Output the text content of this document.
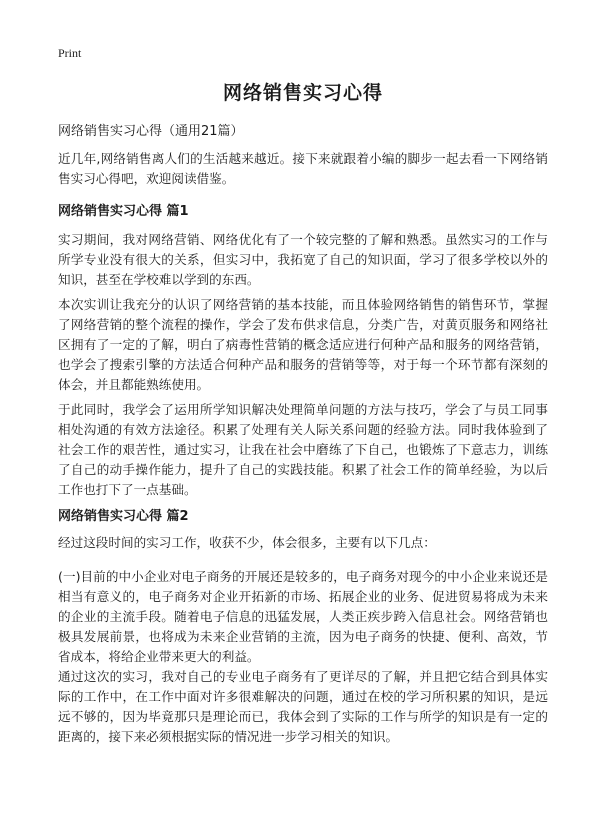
Print
网络销售实习心得

网络销售实习心得（通用21篇）

近几年,网络销售离人们的生活越来越近。接下来就跟着小编的脚步一起去看一下网络销售实习心得吧，欢迎阅读借鉴。

网络销售实习心得 篇1

实习期间，我对网络营销、网络优化有了一个较完整的了解和熟悉。虽然实习的工作与所学专业没有很大的关系，但实习中，我拓宽了自己的知识面，学习了很多学校以外的知识，甚至在学校难以学到的东西。

本次实训让我充分的认识了网络营销的基本技能，而且体验网络销售的销售环节，掌握了网络营销的整个流程的操作，学会了发布供求信息，分类广告，对黄页服务和网络社区拥有了一定的了解，明白了病毒性营销的概念适应进行何种产品和服务的网络营销，也学会了搜索引擎的方法适合何种产品和服务的营销等等，对于每一个环节都有深刻的体会，并且都能熟练使用。

于此同时，我学会了运用所学知识解决处理简单问题的方法与技巧，学会了与员工同事相处沟通的有效方法途径。积累了处理有关人际关系问题的经验方法。同时我体验到了社会工作的艰苦性，通过实习，让我在社会中磨练了下自己，也锻炼了下意志力，训练了自己的动手操作能力，提升了自己的实践技能。积累了社会工作的简单经验，为以后工作也打下了一点基础。

网络销售实习心得 篇2

经过这段时间的实习工作，收获不少，体会很多，主要有以下几点：

(一)目前的中小企业对电子商务的开展还是较多的，电子商务对现今的中小企业来说还是相当有意义的，电子商务对企业开拓新的市场、拓展企业的业务、促进贸易将成为未来的企业的主流手段。随着电子信息的迅猛发展，人类正疾步跨入信息社会。网络营销也极具发展前景，也将成为未来企业营销的主流，因为电子商务的快捷、便利、高效，节省成本，将给企业带来更大的利益。

通过这次的实习，我对自己的专业电子商务有了更详尽的了解，并且把它结合到具体实际的工作中，在工作中面对许多很难解决的问题，通过在校的学习所积累的知识，是远远不够的，因为毕竟那只是理论而已，我体会到了实际的工作与所学的知识是有一定的距离的，接下来必须根据实际的情况进一步学习相关的知识。
